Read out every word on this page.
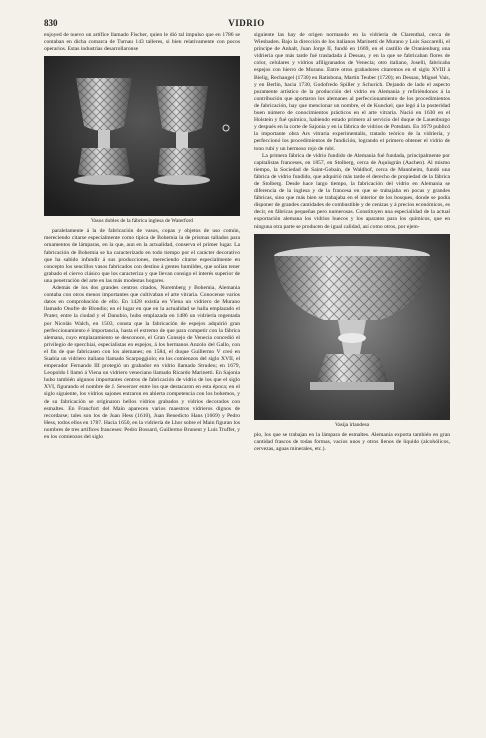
830	VIDRIO

enjoyed de nuevo un artífice llamado Fischer, quien le dió tal impulso que en 1786 se contaban en dicha comarca de Turnau 143 talleres, si bien relativamente con pocos operarios. Estas industrias desarrollaronse

Vasos dobles de la fábrica inglesa de Waterford

paralelamente á la de fabricación de vasos, copas y objetos de uso común, mereciendo citarse especialmente como típica de Bohemia la de prismas tallados para ornamentos de lámparas, en la que, aun en la actualidad, conserva el primer lugar. La fabricación de Bohemia se ha caracterizado en todo tiempo por el carácter decorativo que ha sabido infundir á sus producciones, mereciendo citarse especialmente en concepto los sencillos vasos fabricados con destino á gentes humildes, que solían tener grabado el ciervo clásico que los caracteriza y que llevan consigo el interés superior de una penetración del arte en las más modestas hogares.

Además de los dos grandes centros citados, Nuremberg y Bohemia, Alemania contaba con otros menos importantes que cultivaban el arte vitraria. Conocense varios datos en comprobación de ello. En 1428 existía en Viena un vidriero de Murano llamado Onofre de Blondio; en el lugar en que en la actualidad se halla emplazado el Prater, entre la ciudad y el Danubio, hubo emplazada en 1486 un vidriería regentada por Nicolás Walch, en 1503, consta que la fabricación de espejos adquirió gran perfeccionamiento é importancia, hasta el extremo de que para competir con la fábrica alemana, cuyo emplazamiento se desconoce, el Gran Consejo de Venecia concedió el privilegio de specchiai, especialistas en espejos, á los hermanos Anzolo del Gallo, con el fin de que fabricasen con los alemanes; en 1584, el duque Guillermo V creó en Suabia un vidriero italiano llamado Scarpoggiolo; en los comienzos del siglo XVII, el emperador Fernando III protegió un grabador en vidrio llamado Strudeu; en 1679, Leopoldo I llamó á Viena un vidriero veneciano llamado Ricardo Marinetti. En Sajonia hubo también algunos importantes centros de fabricación de vidrio de los que el siglo XVI, figurando el nombre de J. Sewerzer entre los que destacaron en esta época; en el siglo siguiente, los vidrios sajones entraron en abierta competencia con los bohemos, y de su fabricación se originaron bellos vidrios grabados y vidrios decorados con esmaltes. En Francfort del Main aparecen varios maestros vidrieros dignos de recordarse; tales son los de Juan Hess (1610), Juan Benedicto Hans (1669) y Pedro Hess, todos ellos en 1787. Hacia 1650, en la vidriería de Lhor sobre el Main figuran los nombres de tres artífices franceses: Pedro Bossard, Guillermo Brunent y Luis Truffet, y en los comienzos del siglo

siguiente las hay de origen normando en la vidriería de Clarenthal, cerca de Wiesbaden. Bajo la dirección de los italianos Marinetti de Murano y Luis Saccarelli, el príncipe de Anhalt, Juan Jorge II, fundó en 1669, en el castillo de Oranienburg una vidriería que más tarde fué trasladada á Dessau, y en la que se fabricaban flores de color, celulares y vidrios afiligranados de Venecia; otro italiano, Joselli, fabricaba espejos con hierro de Murano. Entre otros grabadores citaremos en el siglo XVIII á Bielig, Rechangel (1730) en Ratisbona, Martín Teuber (1720); en Dessau, Miguel Vais, y en Berlín, hacia 1730, Godofredo Spiller y Schurich. Dejando de lado el aspecto puramente artístico de la producción del vidrio en Alemania y refiriéndonos á la contribución que aportaron los alemanes al perfeccionamiento de los procedimientos de fabricación, hay que mencionar un nombre, el de Kunckel, que legó á la posteridad buen número de conocimientos prácticos en el arte vitraria. Nació en 1630 en el Holstein y fué químico, habiendo estado primero al servicio del duque de Lauenburgo y después en la corte de Sajonia y en la fábrica de vidrios de Potsdam. En 1679 publicó la importante obra Ars vitraria experimentalis, tratado teórico de la vidriería, y perfeccionó los procedimientos de fundición, logrando el primero obtener el vidrio de tono rubí y un hermoso rojo de rubí.

La primera fábrica de vidrio fundido de Alemania fué fundada, principalmente por capitalistas franceses, en 1857, en Stolberg, cerca de Aquisgrán (Aachen). Al mismo tiempo, la Sociedad de Saint-Gobain, de Waldhof, cerca de Mannheim, fundó una fábrica de vidrio fundido, que adquirió más tarde el derecho de propiedad de la fábrica de Stolberg. Desde hace largo tiempo, la fabricación del vidrio en Alemania se diferencia de la inglesa y de la francesa en que se trabajaba en pocas y grandes fábricas, sino que más bien se trabajaba en el interior de los bosques, donde se podía disponer de grandes cantidades de combustible y de cenizas y á precios económicos, es decir, en fábricas pequeñas pero numerosas. Constituyen una especialidad de la actual exportación alemana los vidrios huecos y los aparatos para los químicos, que en ninguna otra parte se producen de igual calidad, así como otros, por ejem-

Vasija irlandesa

plo, los que se trabajan en la lámpara de esmaltes. Alemania exporta también en gran cantidad frascos de todas formas, vacíos unos y otros llenos de líquido (alcohólicos, cervezas, aguas minerales, etc.).
